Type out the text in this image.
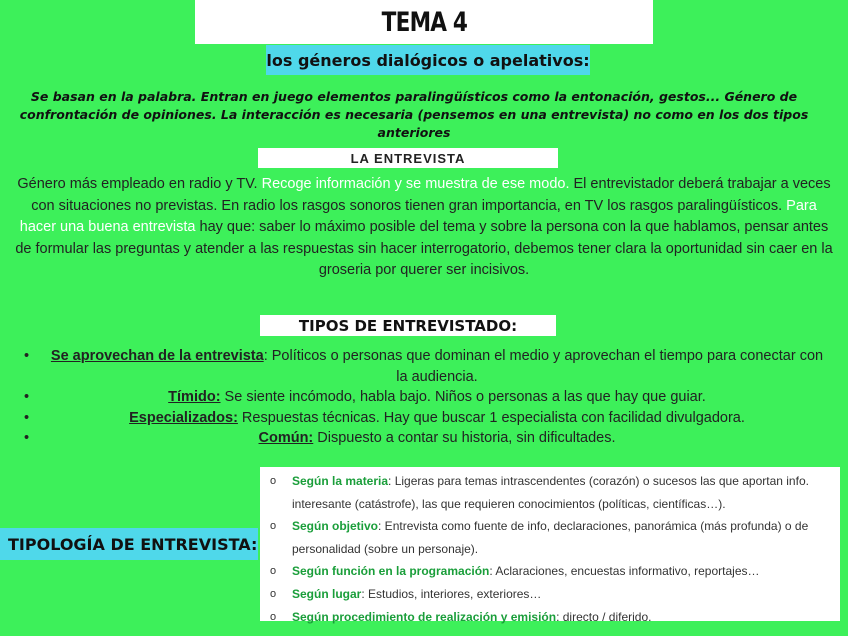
TEMA 4
los géneros dialógicos o apelativos:
Se basan en la palabra. Entran en juego elementos paralingüísticos como la entonación, gestos... Género de confrontación de opiniones. La interacción es necesaria (pensemos en una entrevista) no como en los dos tipos anteriores
LA ENTREVISTA
Género más empleado en radio y TV. Recoge información y se muestra de ese modo. El entrevistador deberá trabajar a veces con situaciones no previstas. En radio los rasgos sonoros tienen gran importancia, en TV los rasgos paralingüísticos. Para hacer una buena entrevista hay que: saber lo máximo posible del tema y sobre la persona con la que hablamos, pensar antes de formular las preguntas y atender a las respuestas sin hacer interrogatorio, debemos tener clara la oportunidad sin caer en la groseria por querer ser incisivos.
TIPOS DE ENTREVISTADO:
• Se aprovechan de la entrevista: Políticos o personas que dominan el medio y aprovechan el tiempo para conectar con la audiencia.
•	Tímido: Se siente incómodo, habla bajo. Niños o personas a las que hay que guiar.
•	Especializados: Respuestas técnicas. Hay que buscar 1 especialista con facilidad divulgadora.
•	Común: Dispuesto a contar su historia, sin dificultades.
TIPOLOGÍA DE ENTREVISTA:
o Según la materia: Ligeras para temas intrascendentes (corazón) o sucesos las que aportan info. interesante (catástrofe), las que requieren conocimientos (políticas, científicas…).
o Según objetivo: Entrevista como fuente de info, declaraciones, panorámica (más profunda) o de personalidad (sobre un personaje).
o Según función en la programación: Aclaraciones, encuestas informativo, reportajes…
o Según lugar: Estudios, interiores, exteriores…
o Según procedimiento de realización y emisión: directo / diferido.
